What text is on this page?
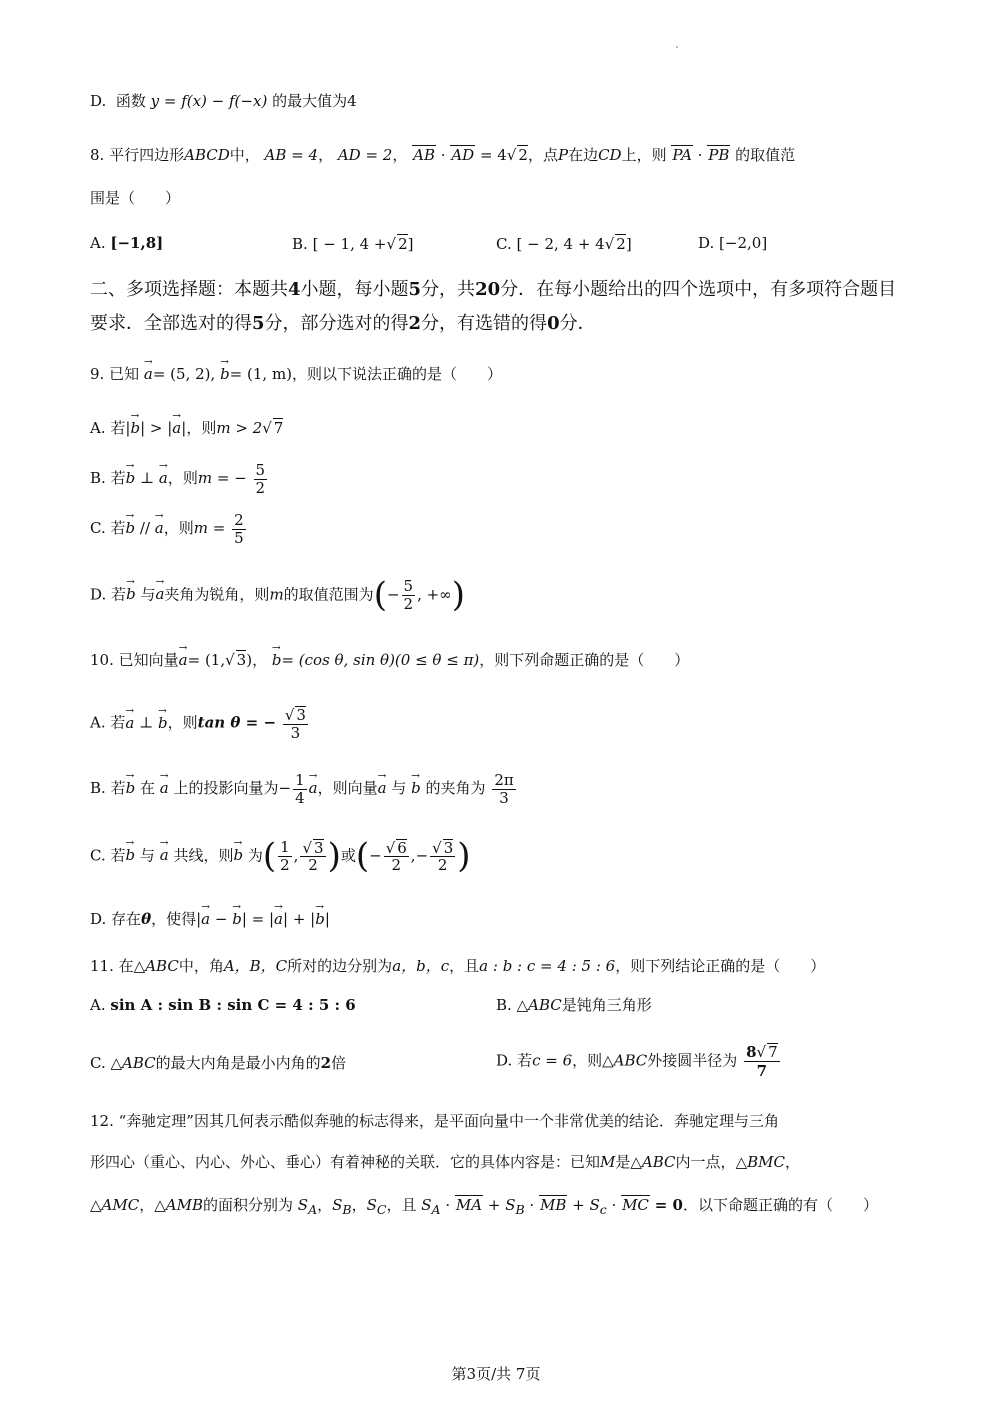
D. 函数 y = f(x) − f(−x) 的最大值为4
8. 平行四边形ABCD中， AB = 4， AD = 2， AB · AD = 4√ 2，点P在边CD上，则 PA · PB 的取值范
围是（　　）
A. [−1,8]	B. [ − 1, 4 +√ 2]	C. [ − 2, 4 + 4√ 2]	D. [−2,0]
二、多项选择题：本题共4小题，每小题5分，共20分．在每小题给出的四个选项中，有多项符合题目要求．全部选对的得5分，部分选对的得2分，有选错的得0分．
9. 已知 → a= (5, 2), → b= (1, m)，则以下说法正确的是（　　）
A. 若|→ b| > |→ a|，则m > 2√ 7
B. 若→ b ⊥ → a，则m = − $\frac{5}{2}$
C. 若→ b // → a，则$m = \frac{2}{5}$
D. 若→ b 与→ a夹角为锐角，则m的取值范围为(− $\frac{5}{2}$ , +∞)
10. 已知向量→ a= (1,√ 3)， → b= (cos θ, sin θ)(0 ≤ θ ≤ π)，则下列命题正确的是（　　）
A. 若→ a ⊥ → b，则tan θ = − $\frac{√ 3}{3}$
B. 若→ b 在 → a 上的投影向量为− $\frac{1}{4}$
→ a，则向量→ a 与 → b 的夹角为 $\frac{2\pi}{3}$
C. 若→ b 与 → a 共线，则→ b 为( $\frac{1}{2}$ , $\frac{√ 3}{2}$ )或(− $\frac{√ 6}{2}$ ,− $\frac{√ 3}{2}$ )
D. 存在θ，使得|→ a − → b| = |→ a| + |→ b|
11. 在△ABC中，角A，B，C所对的边分别为a，b，c，且a : b : c = 4 : 5 : 6，则下列结论正确的是（　　）
A. sin A : sin B : sin C = 4 : 5 : 6	B. △ABC是钝角三角形
C. △ABC的最大内角是最小内角的2倍	D. 若c = 6，则△ABC外接圆半径为 $\frac{8√ 7}{7}$
12. “奔驰定理”因其几何表示酷似奔驰的标志得来，是平面向量中一个非常优美的结论．奔驰定理与三角
形四心（重心、内心、外心、垂心）有着神秘的关联．它的具体内容是：已知M是△ABC内一点，△BMC，
△AMC，△AMB的面积分别为 $S_A$，$S_B$，$S_C$，且 $S_A$ · MA + $S_B$ · MB + $S_c$ · MC = 0．以下命题正确的有（　　）
第3页/共 7页
